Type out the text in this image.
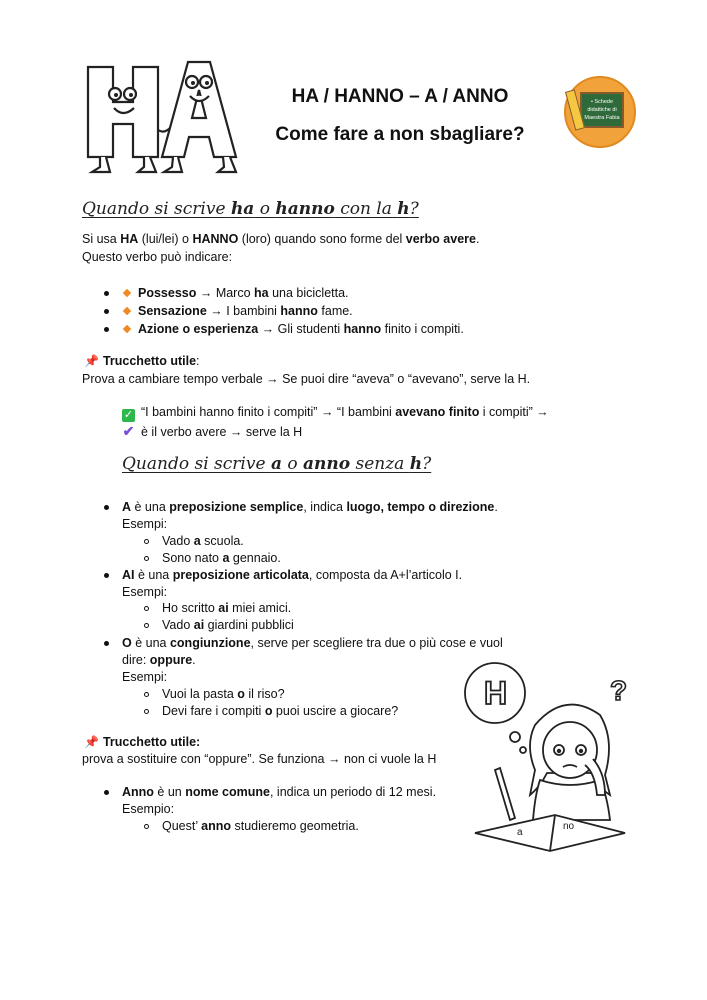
HA / HANNO – A / ANNO
Come fare a non sbagliare?
• Schede
didattiche di
Maestra Fabia
Quando si scrive ha o hanno con la h?
Si usa HA (lui/lei) o HANNO (loro) quando sono forme del verbo avere.
Questo verbo può indicare:
Possesso → Marco ha una bicicletta.
Sensazione → I bambini hanno fame.
Azione o esperienza → Gli studenti hanno finito i compiti.
📌 Trucchetto utile:
Prova a cambiare tempo verbale → Se puoi dire “aveva” o “avevano”, serve la H.
✓ “I bambini hanno finito i compiti” → “I bambini avevano finito i compiti” →
✔ è il verbo avere → serve la H
Quando si scrive a o anno senza h?
A è una preposizione semplice, indica luogo, tempo o direzione.
Esempi:
Vado a scuola.
Sono nato a gennaio.
AI è una preposizione articolata, composta da A+l’articolo I.
Esempi:
Ho scritto ai miei amici.
Vado ai giardini pubblici
O è una congiunzione, serve per scegliere tra due o più cose e vuol
dire: oppure.
Esempi:
Vuoi la pasta o il riso?
Devi fare i compiti o puoi uscire a giocare?
📌 Trucchetto utile:
prova a sostituire con “oppure”. Se funziona → non ci vuole la H
Anno è un nome comune, indica un periodo di 12 mesi.
Esempio:
Quest’ anno studieremo geometria.
H	?
a
no
